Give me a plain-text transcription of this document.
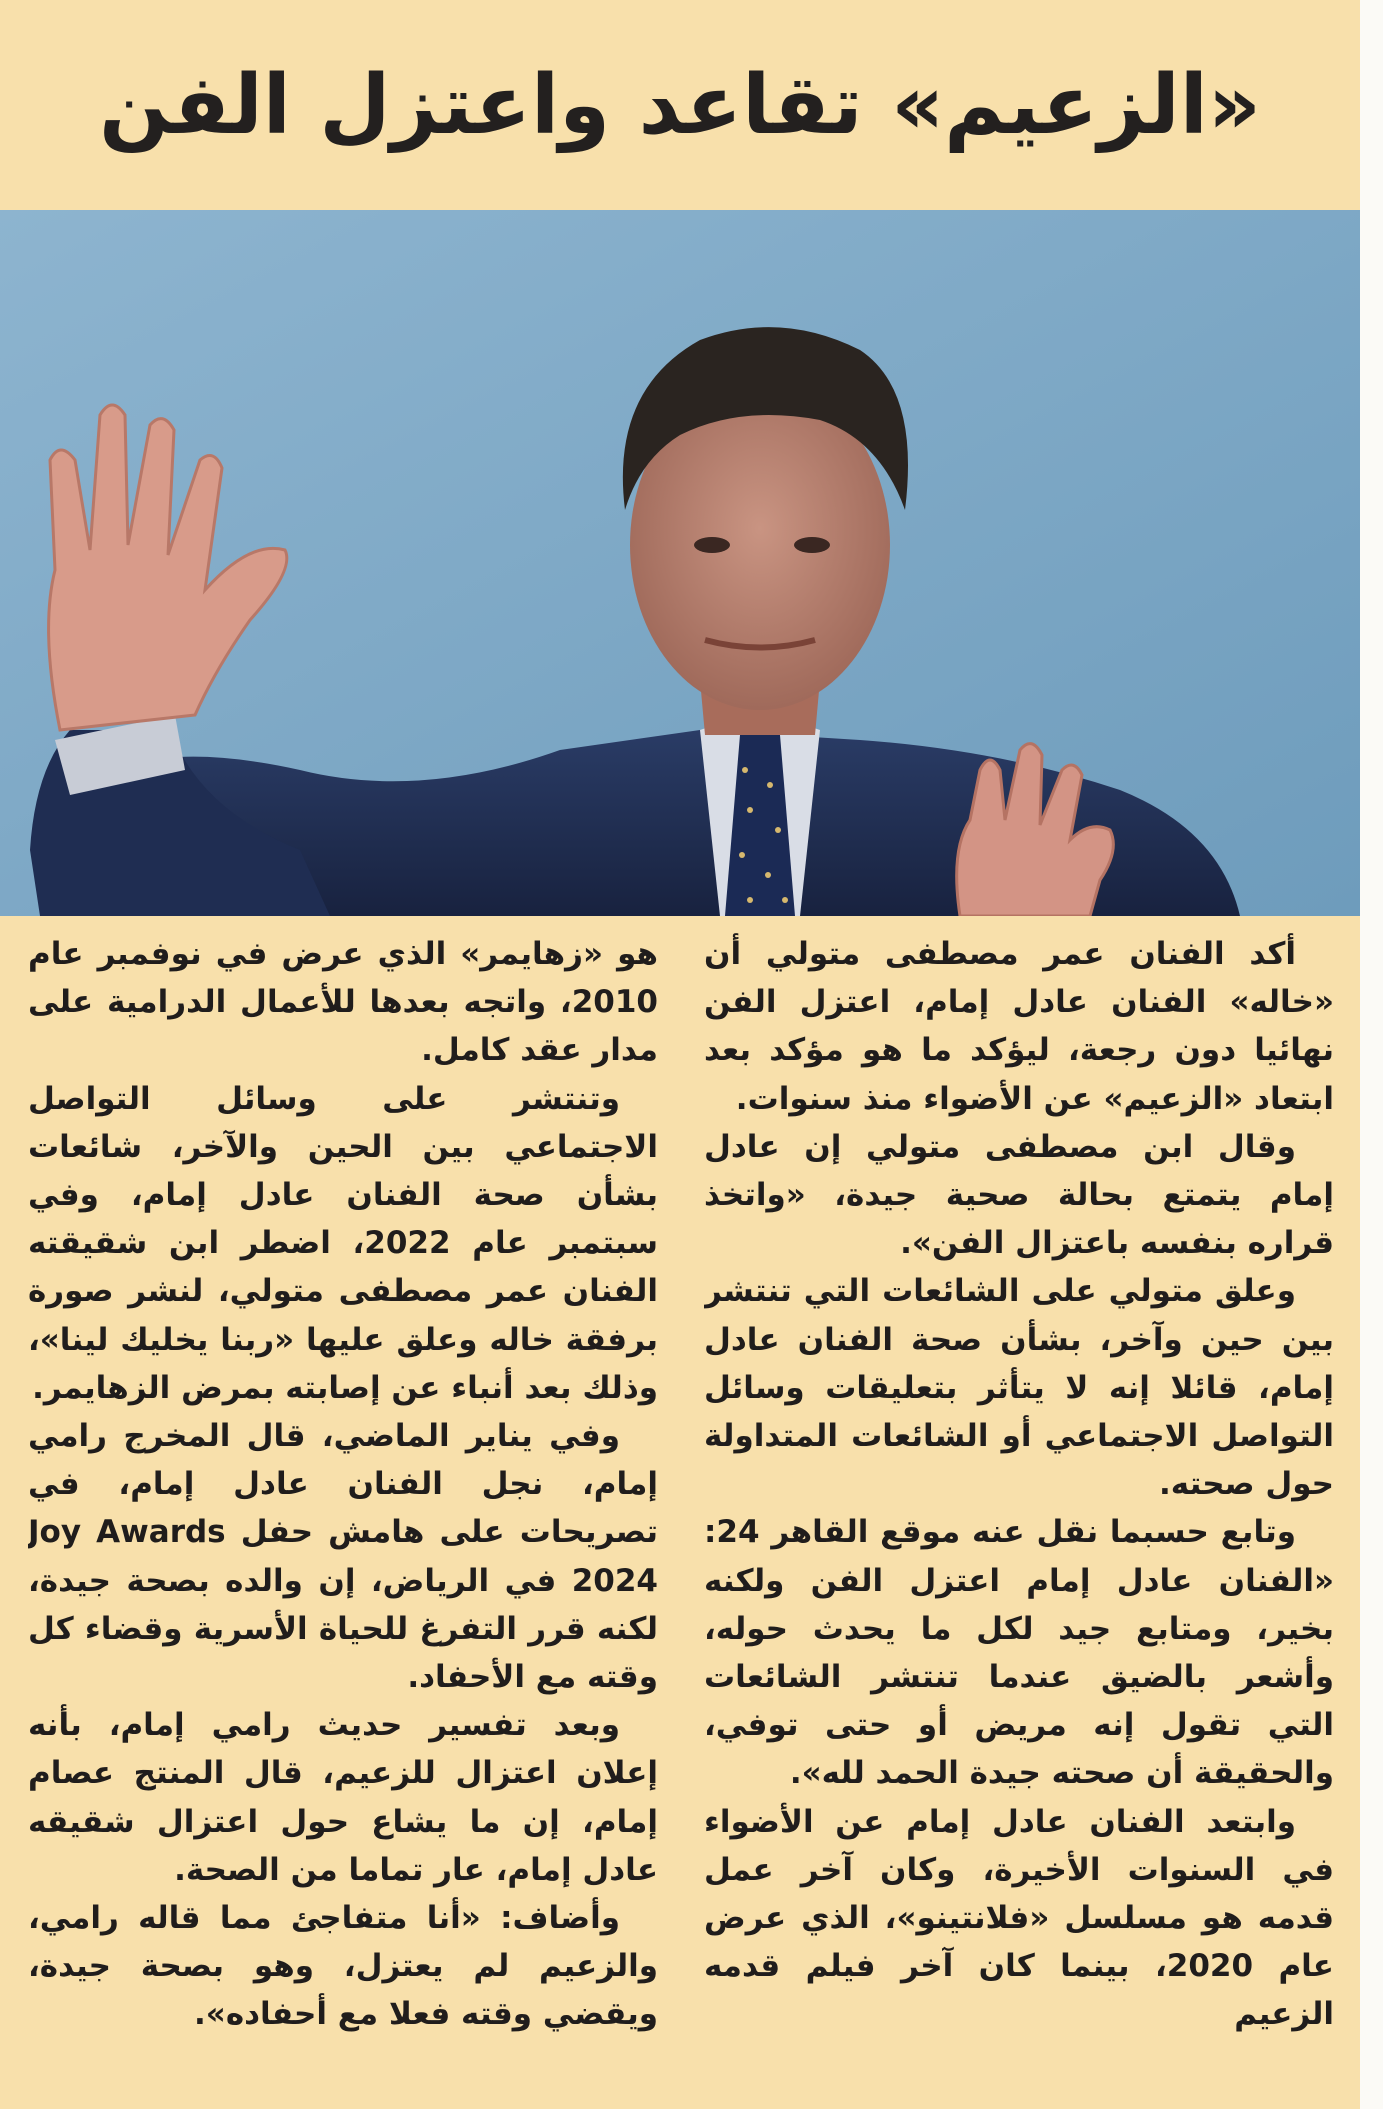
«الزعيم» تقاعد واعتزل الفن

أكد الفنان عمر مصطفى متولي أن «خاله» الفنان عادل إمام، اعتزل الفن نهائيا دون رجعة، ليؤكد ما هو مؤكد بعد ابتعاد «الزعيم» عن الأضواء منذ سنوات.

وقال ابن مصطفى متولي إن عادل إمام يتمتع بحالة صحية جيدة، «واتخذ قراره بنفسه باعتزال الفن».

وعلق متولي على الشائعات التي تنتشر بين حين وآخر، بشأن صحة الفنان عادل إمام، قائلا إنه لا يتأثر بتعليقات وسائل التواصل الاجتماعي أو الشائعات المتداولة حول صحته.

وتابع حسبما نقل عنه موقع القاهر 24: «الفنان عادل إمام اعتزل الفن ولكنه بخير، ومتابع جيد لكل ما يحدث حوله، وأشعر بالضيق عندما تنتشر الشائعات التي تقول إنه مريض أو حتى توفي، والحقيقة أن صحته جيدة الحمد لله».

وابتعد الفنان عادل إمام عن الأضواء في السنوات الأخيرة، وكان آخر عمل قدمه هو مسلسل «فلانتينو»، الذي عرض عام 2020، بينما كان آخر فيلم قدمه الزعيم

هو «زهايمر» الذي عرض في نوفمبر عام 2010، واتجه بعدها للأعمال الدرامية على مدار عقد كامل.

وتنتشر على وسائل التواصل الاجتماعي بين الحين والآخر، شائعات بشأن صحة الفنان عادل إمام، وفي سبتمبر عام 2022، اضطر ابن شقيقته الفنان عمر مصطفى متولي، لنشر صورة برفقة خاله وعلق عليها «ربنا يخليك لينا»، وذلك بعد أنباء عن إصابته بمرض الزهايمر.

وفي يناير الماضي، قال المخرج رامي إمام، نجل الفنان عادل إمام، في تصريحات على هامش حفل Joy Awards 2024 في الرياض، إن والده بصحة جيدة، لكنه قرر التفرغ للحياة الأسرية وقضاء كل وقته مع الأحفاد.

وبعد تفسير حديث رامي إمام، بأنه إعلان اعتزال للزعيم، قال المنتج عصام إمام، إن ما يشاع حول اعتزال شقيقه عادل إمام، عار تماما من الصحة.

وأضاف: «أنا متفاجئ مما قاله رامي، والزعيم لم يعتزل، وهو بصحة جيدة، ويقضي وقته فعلا مع أحفاده».
